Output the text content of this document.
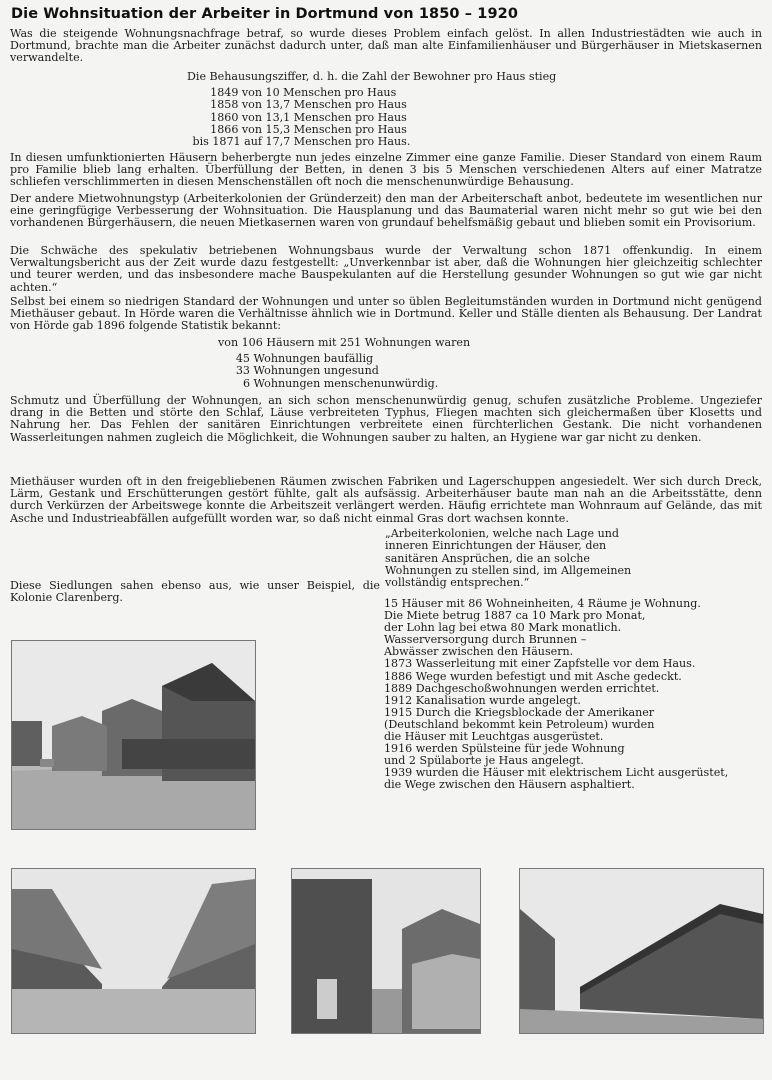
Die Wohnsituation der Arbeiter in Dortmund von 1850 – 1920

Was die steigende Wohnungsnachfrage betraf, so wurde dieses Problem einfach gelöst. In allen Industriestädten wie auch in Dortmund, brachte man die Arbeiter zunächst dadurch unter, daß man alte Einfamilienhäuser und Bürgerhäuser in Mietskasernen verwandelte.

Die Behausungsziffer, d. h. die Zahl der Bewohner pro Haus stieg

1849 von 10 Menschen pro Haus
1858 von 13,7 Menschen pro Haus
1860 von 13,1 Menschen pro Haus
1866 von 15,3 Menschen pro Haus
bis 1871 auf 17,7 Menschen pro Haus.

In diesen umfunktionierten Häusern beherbergte nun jedes einzelne Zimmer eine ganze Familie. Dieser Standard von einem Raum pro Familie blieb lang erhalten. Überfüllung der Betten, in denen 3 bis 5 Menschen verschiedenen Alters auf einer Matratze schliefen verschlimmerten in diesen Menschenställen oft noch die menschenunwürdige Behausung.

Der andere Mietwohnungstyp (Arbeiterkolonien der Gründerzeit) den man der Arbeiterschaft anbot, bedeutete im wesentlichen nur eine geringfügige Verbesserung der Wohnsituation. Die Hausplanung und das Baumaterial waren nicht mehr so gut wie bei den vorhandenen Bürgerhäusern, die neuen Mietkasernen waren von grundauf behelfsmäßig gebaut und blieben somit ein Provisorium.

Die Schwäche des spekulativ betriebenen Wohnungsbaus wurde der Verwaltung schon 1871 offenkundig. In einem Verwaltungsbericht aus der Zeit wurde dazu festgestellt: „Unverkennbar ist aber, daß die Wohnungen hier gleichzeitig schlechter und teurer werden, und das insbesondere mache Bauspekulanten auf die Herstellung gesunder Wohnungen so gut wie gar nicht achten.“

Selbst bei einem so niedrigen Standard der Wohnungen und unter so üblen Begleitumständen wurden in Dortmund nicht genügend Miethäuser gebaut. In Hörde waren die Verhältnisse ähnlich wie in Dortmund. Keller und Ställe dienten als Behausung. Der Landrat von Hörde gab 1896 folgende Statistik bekannt:

von 106 Häusern mit 251 Wohnungen waren

45 Wohnungen baufällig
33 Wohnungen ungesund
6 Wohnungen menschenunwürdig.

Schmutz und Überfüllung der Wohnungen, an sich schon menschenunwürdig genug, schufen zusätzliche Probleme. Ungeziefer drang in die Betten und störte den Schlaf, Läuse verbreiteten Typhus, Fliegen machten sich gleichermaßen über Klosetts und Nahrung her. Das Fehlen der sanitären Einrichtungen verbreitete einen fürchterlichen Gestank. Die nicht vorhandenen Wasserleitungen nahmen zugleich die Möglichkeit, die Wohnungen sauber zu halten, an Hygiene war gar nicht zu denken.

Miethäuser wurden oft in den freigebliebenen Räumen zwischen Fabriken und Lagerschuppen angesiedelt. Wer sich durch Dreck, Lärm, Gestank und Erschütterungen gestört fühlte, galt als aufsässig. Arbeiterhäuser baute man nah an die Arbeitsstätte, denn durch Verkürzen der Arbeitswege konnte die Arbeitszeit verlängert werden. Häufig errichtete man Wohnraum auf Gelände, das mit Asche und Industrieabfällen aufgefüllt worden war, so daß nicht einmal Gras dort wachsen konnte.

„Arbeiterkolonien, welche nach Lage und inneren Einrichtungen der Häuser, den sanitären Ansprüchen, die an solche Wohnungen zu stellen sind, im Allgemeinen vollständig entsprechen.“

Diese Siedlungen sahen ebenso aus, wie unser Beispiel, die Kolonie Clarenberg.	15 Häuser mit 86 Wohneinheiten, 4 Räume je Wohnung.
Die Miete betrug 1887 ca 10 Mark pro Monat,
der Lohn lag bei etwa 80 Mark monatlich.
Wasserversorgung durch Brunnen –
Abwässer zwischen den Häusern.
1873 Wasserleitung mit einer Zapfstelle vor dem Haus.
1886 Wege wurden befestigt und mit Asche gedeckt.
1889 Dachgeschoßwohnungen werden errichtet.
1912 Kanalisation wurde angelegt.
1915 Durch die Kriegsblockade der Amerikaner
(Deutschland bekommt kein Petroleum) wurden
die Häuser mit Leuchtgas ausgerüstet.
1916 werden Spülsteine für jede Wohnung
und 2 Spülaborte je Haus angelegt.
1939 wurden die Häuser mit elektrischem Licht ausgerüstet,
die Wege zwischen den Häusern asphaltiert.
